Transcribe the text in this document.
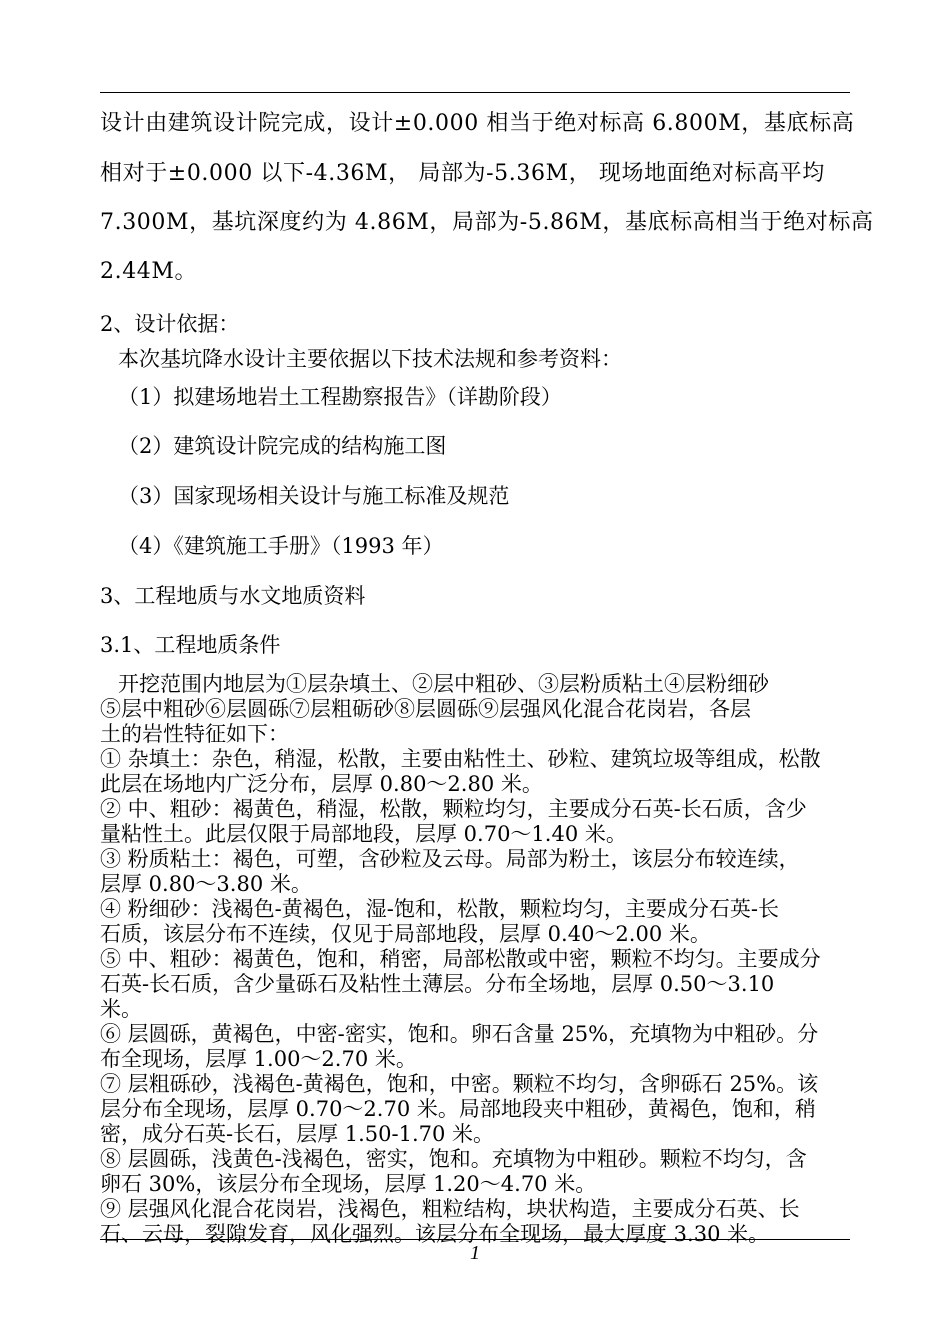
设计由建筑设计院完成，设计±0.000 相当于绝对标高 6.800M，基底标高
相对于±0.000 以下-4.36M， 局部为-5.36M， 现场地面绝对标高平均
7.300M，基坑深度约为 4.86M，局部为-5.86M，基底标高相当于绝对标高
2.44M。
2、设计依据：
本次基坑降水设计主要依据以下技术法规和参考资料：
（1）拟建场地岩土工程勘察报告》（详勘阶段）
（2）建筑设计院完成的结构施工图
（3）国家现场相关设计与施工标准及规范
（4）《建筑施工手册》（1993 年）
3、工程地质与水文地质资料
3.1、工程地质条件
开挖范围内地层为①层杂填土、②层中粗砂、③层粉质粘土④层粉细砂
⑤层中粗砂⑥层圆砾⑦层粗砺砂⑧层圆砾⑨层强风化混合花岗岩，各层
土的岩性特征如下：
① 杂填土：杂色，稍湿，松散，主要由粘性土、砂粒、建筑垃圾等组成，松散
此层在场地内广泛分布，层厚 0.80～2.80 米。
② 中、粗砂：褐黄色，稍湿，松散，颗粒均匀，主要成分石英-长石质，含少
量粘性土。此层仅限于局部地段，层厚 0.70～1.40 米。
③ 粉质粘土：褐色，可塑，含砂粒及云母。局部为粉土，该层分布较连续，
层厚 0.80～3.80 米。
④ 粉细砂：浅褐色-黄褐色，湿-饱和，松散，颗粒均匀，主要成分石英-长
石质，该层分布不连续，仅见于局部地段，层厚 0.40～2.00 米。
⑤ 中、粗砂：褐黄色，饱和，稍密，局部松散或中密，颗粒不均匀。主要成分
石英-长石质，含少量砾石及粘性土薄层。分布全场地，层厚 0.50～3.10
米。
⑥ 层圆砾，黄褐色，中密-密实，饱和。卵石含量 25%，充填物为中粗砂。分
布全现场，层厚 1.00～2.70 米。
⑦ 层粗砾砂，浅褐色-黄褐色，饱和，中密。颗粒不均匀，含卵砾石 25%。该
层分布全现场，层厚 0.70～2.70 米。局部地段夹中粗砂，黄褐色，饱和，稍
密，成分石英-长石，层厚 1.50-1.70 米。
⑧ 层圆砾，浅黄色-浅褐色，密实，饱和。充填物为中粗砂。颗粒不均匀，含
卵石 30%，该层分布全现场，层厚 1.20～4.70 米。
⑨ 层强风化混合花岗岩，浅褐色，粗粒结构，块状构造，主要成分石英、长
石、云母，裂隙发育，风化强烈。该层分布全现场，最大厚度 3.30 米。
1
